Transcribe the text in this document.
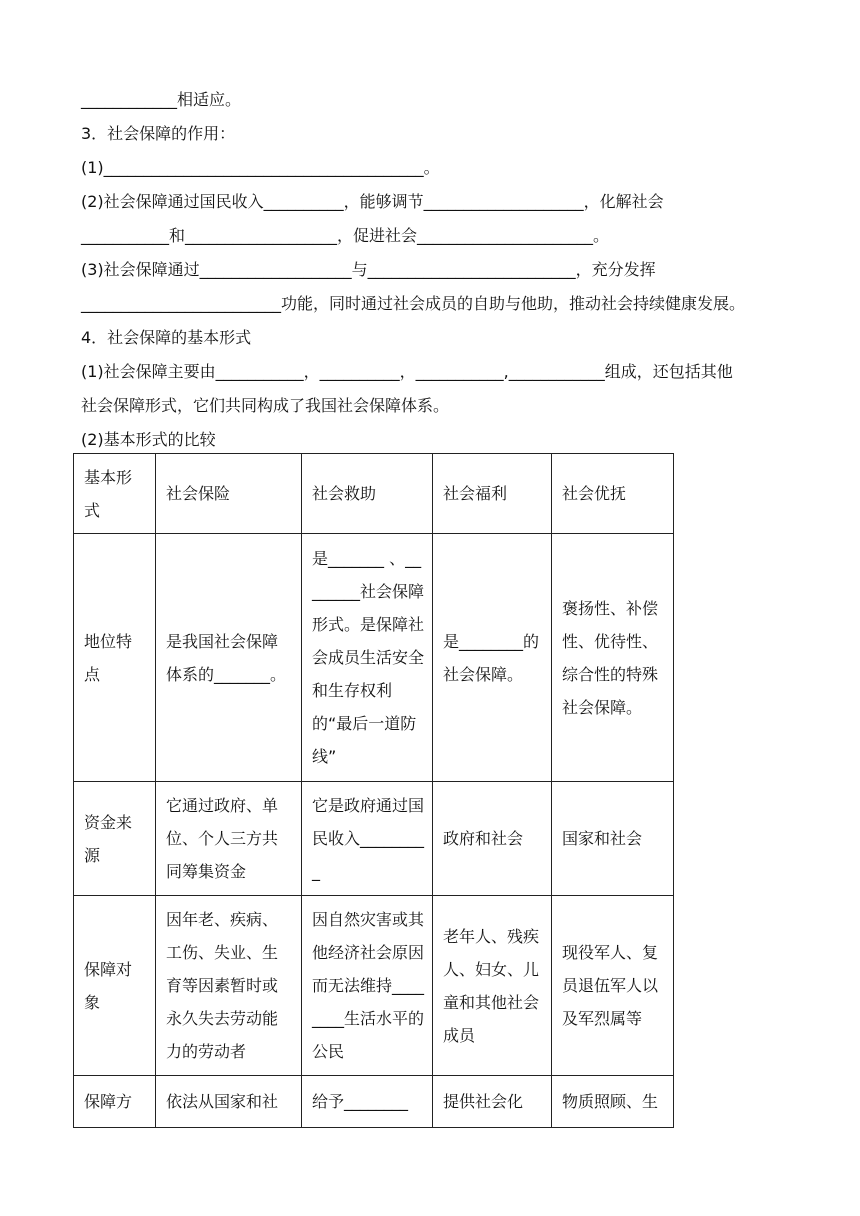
____________相适应。
3．社会保障的作用：
(1)________________________________________。
(2)社会保障通过国民收入__________，能够调节____________________，化解社会
___________和___________________，促进社会______________________。
(3)社会保障通过___________________与__________________________，充分发挥
_________________________功能，同时通过社会成员的自助与他助，推动社会持续健康发展。
4．社会保障的基本形式
(1)社会保障主要由___________，__________，___________,____________组成，还包括其他
社会保障形式，它们共同构成了我国社会保障体系。
(2)基本形式的比较
基本形式	社会保险	社会救助	社会福利	社会优抚
地位特点	是我国社会保障体系的_______。	是_______ 、________社会保障形式。是保障社会成员生活安全和生存权利的“最后一道防线”	是________的社会保障。	褒扬性、补偿性、优待性、综合性的特殊社会保障。
资金来源	它通过政府、单位、个人三方共同筹集资金	它是政府通过国民收入_________	政府和社会	国家和社会
保障对象	因年老、疾病、工伤、失业、生育等因素暂时或永久失去劳动能力的劳动者	因自然灾害或其他经济社会原因而无法维持________生活水平的公民	老年人、残疾人、妇女、儿童和其他社会成员	现役军人、复员退伍军人以及军烈属等
保障方	依法从国家和社	给予________	提供社会化	物质照顾、生
